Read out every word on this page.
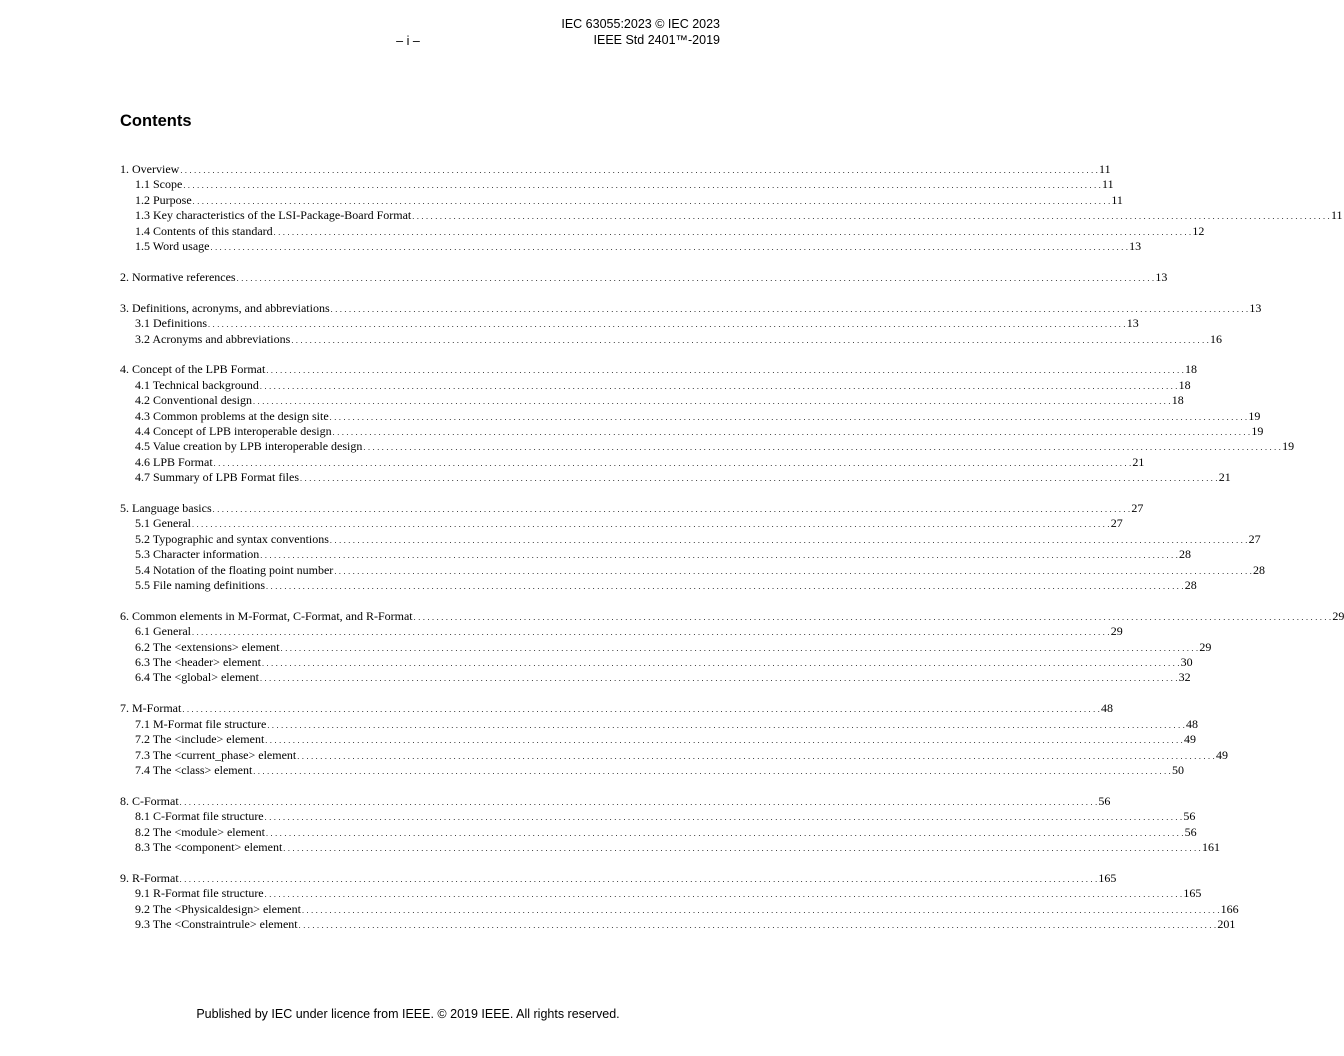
IEC 63055:2023 © IEC 2023
IEEE Std 2401™-2019
– i –
Contents
1. Overview . . . . . . . . . . . . . . . . . . . . . . . . . . . . . . . . . . . . . . . . . . . . . . . . . . . . . . . . . . . . . . . . . . . . . . . . . . . . . . . . . . . . . . . . . . . . . . . . . . . . . . . . . . . . . . . . . . . . . . . . . . . . . . . . . . . . . . . . . . . . . . . . . . . . . . . . . . . . . . . . . . . . . . . . . . . . . . . . . . . . . . . . . . . . . . . . . . . . . . . . 11
1.1 Scope . . . . . . . . . . . . . . . . . . . . . . . . . . . . . . . . . . . . . . . . . . . . . . . . . . . . . . . . . . . . . . . . . . . . . . . . . . . . . . . . . . . . . . . . . . . . . . . . . . . . . . . . . . . . . . . . . . . . . . . . . . . . . . . . . . . . . . . . . . . . . . . . . . . . . . . . . . . . . . . . . . . . . . . . . . . . . . . . . . . . . . . . . . . . . . . . . . . . . . . . 11
1.2 Purpose . . . . . . . . . . . . . . . . . . . . . . . . . . . . . . . . . . . . . . . . . . . . . . . . . . . . . . . . . . . . . . . . . . . . . . . . . . . . . . . . . . . . . . . . . . . . . . . . . . . . . . . . . . . . . . . . . . . . . . . . . . . . . . . . . . . . . . . . . . . . . . . . . . . . . . . . . . . . . . . . . . . . . . . . . . . . . . . . . . . . . . . . . . . . . . . . . . . . . . . . 11
1.3 Key characteristics of the LSI-Package-Board Format . . . . . . . . . . . . . . . . . . . . . . . . . . . . . . . . . . . . . . . . . . . . . . . . . . . . . . . . . . . . . . . . . . . . . . . . . . . . . . . . . . . . . . . . . . . . . . . . . . . . . . . . . . . . . . . . . . . . . . . . . . . . . . . . . . . . . . . . . . . . . . . . . . . . . . . . . . . . . . . . . . . . . . . . . . . . . . . . . . . . . . . . . . . . . . . . . . . . . . . . 11
1.4 Contents of this standard . . . . . . . . . . . . . . . . . . . . . . . . . . . . . . . . . . . . . . . . . . . . . . . . . . . . . . . . . . . . . . . . . . . . . . . . . . . . . . . . . . . . . . . . . . . . . . . . . . . . . . . . . . . . . . . . . . . . . . . . . . . . . . . . . . . . . . . . . . . . . . . . . . . . . . . . . . . . . . . . . . . . . . . . . . . . . . . . . . . . . . . . . . . . . . . . . . . . . . . . 12
1.5 Word usage . . . . . . . . . . . . . . . . . . . . . . . . . . . . . . . . . . . . . . . . . . . . . . . . . . . . . . . . . . . . . . . . . . . . . . . . . . . . . . . . . . . . . . . . . . . . . . . . . . . . . . . . . . . . . . . . . . . . . . . . . . . . . . . . . . . . . . . . . . . . . . . . . . . . . . . . . . . . . . . . . . . . . . . . . . . . . . . . . . . . . . . . . . . . . . . . . . . . . . . . 13
2. Normative references . . . . . . . . . . . . . . . . . . . . . . . . . . . . . . . . . . . . . . . . . . . . . . . . . . . . . . . . . . . . . . . . . . . . . . . . . . . . . . . . . . . . . . . . . . . . . . . . . . . . . . . . . . . . . . . . . . . . . . . . . . . . . . . . . . . . . . . . . . . . . . . . . . . . . . . . . . . . . . . . . . . . . . . . . . . . . . . . . . . . . . . . . . . . . . . . . . . . . . . . 13
3. Definitions, acronyms, and abbreviations . . . . . . . . . . . . . . . . . . . . . . . . . . . . . . . . . . . . . . . . . . . . . . . . . . . . . . . . . . . . . . . . . . . . . . . . . . . . . . . . . . . . . . . . . . . . . . . . . . . . . . . . . . . . . . . . . . . . . . . . . . . . . . . . . . . . . . . . . . . . . . . . . . . . . . . . . . . . . . . . . . . . . . . . . . . . . . . . . . . . . . . . . . . . . . . . . . . . . . . . 13
3.1 Definitions . . . . . . . . . . . . . . . . . . . . . . . . . . . . . . . . . . . . . . . . . . . . . . . . . . . . . . . . . . . . . . . . . . . . . . . . . . . . . . . . . . . . . . . . . . . . . . . . . . . . . . . . . . . . . . . . . . . . . . . . . . . . . . . . . . . . . . . . . . . . . . . . . . . . . . . . . . . . . . . . . . . . . . . . . . . . . . . . . . . . . . . . . . . . . . . . . . . . . . . . 13
3.2 Acronyms and abbreviations . . . . . . . . . . . . . . . . . . . . . . . . . . . . . . . . . . . . . . . . . . . . . . . . . . . . . . . . . . . . . . . . . . . . . . . . . . . . . . . . . . . . . . . . . . . . . . . . . . . . . . . . . . . . . . . . . . . . . . . . . . . . . . . . . . . . . . . . . . . . . . . . . . . . . . . . . . . . . . . . . . . . . . . . . . . . . . . . . . . . . . . . . . . . . . . . . . . . . . . . 16
4. Concept of the LPB Format . . . . . . . . . . . . . . . . . . . . . . . . . . . . . . . . . . . . . . . . . . . . . . . . . . . . . . . . . . . . . . . . . . . . . . . . . . . . . . . . . . . . . . . . . . . . . . . . . . . . . . . . . . . . . . . . . . . . . . . . . . . . . . . . . . . . . . . . . . . . . . . . . . . . . . . . . . . . . . . . . . . . . . . . . . . . . . . . . . . . . . . . . . . . . . . . . . . . . . . . 18
4.1 Technical background . . . . . . . . . . . . . . . . . . . . . . . . . . . . . . . . . . . . . . . . . . . . . . . . . . . . . . . . . . . . . . . . . . . . . . . . . . . . . . . . . . . . . . . . . . . . . . . . . . . . . . . . . . . . . . . . . . . . . . . . . . . . . . . . . . . . . . . . . . . . . . . . . . . . . . . . . . . . . . . . . . . . . . . . . . . . . . . . . . . . . . . . . . . . . . . . . . . . . . . . 18
4.2 Conventional design . . . . . . . . . . . . . . . . . . . . . . . . . . . . . . . . . . . . . . . . . . . . . . . . . . . . . . . . . . . . . . . . . . . . . . . . . . . . . . . . . . . . . . . . . . . . . . . . . . . . . . . . . . . . . . . . . . . . . . . . . . . . . . . . . . . . . . . . . . . . . . . . . . . . . . . . . . . . . . . . . . . . . . . . . . . . . . . . . . . . . . . . . . . . . . . . . . . . . . . . 18
4.3 Common problems at the design site . . . . . . . . . . . . . . . . . . . . . . . . . . . . . . . . . . . . . . . . . . . . . . . . . . . . . . . . . . . . . . . . . . . . . . . . . . . . . . . . . . . . . . . . . . . . . . . . . . . . . . . . . . . . . . . . . . . . . . . . . . . . . . . . . . . . . . . . . . . . . . . . . . . . . . . . . . . . . . . . . . . . . . . . . . . . . . . . . . . . . . . . . . . . . . . . . . . . . . . . 19
4.4 Concept of LPB interoperable design . . . . . . . . . . . . . . . . . . . . . . . . . . . . . . . . . . . . . . . . . . . . . . . . . . . . . . . . . . . . . . . . . . . . . . . . . . . . . . . . . . . . . . . . . . . . . . . . . . . . . . . . . . . . . . . . . . . . . . . . . . . . . . . . . . . . . . . . . . . . . . . . . . . . . . . . . . . . . . . . . . . . . . . . . . . . . . . . . . . . . . . . . . . . . . . . . . . . . . . . 19
4.5 Value creation by LPB interoperable design . . . . . . . . . . . . . . . . . . . . . . . . . . . . . . . . . . . . . . . . . . . . . . . . . . . . . . . . . . . . . . . . . . . . . . . . . . . . . . . . . . . . . . . . . . . . . . . . . . . . . . . . . . . . . . . . . . . . . . . . . . . . . . . . . . . . . . . . . . . . . . . . . . . . . . . . . . . . . . . . . . . . . . . . . . . . . . . . . . . . . . . . . . . . . . . . . . . . . . . . 19
4.6 LPB Format . . . . . . . . . . . . . . . . . . . . . . . . . . . . . . . . . . . . . . . . . . . . . . . . . . . . . . . . . . . . . . . . . . . . . . . . . . . . . . . . . . . . . . . . . . . . . . . . . . . . . . . . . . . . . . . . . . . . . . . . . . . . . . . . . . . . . . . . . . . . . . . . . . . . . . . . . . . . . . . . . . . . . . . . . . . . . . . . . . . . . . . . . . . . . . . . . . . . . . . . 21
4.7 Summary of LPB Format files . . . . . . . . . . . . . . . . . . . . . . . . . . . . . . . . . . . . . . . . . . . . . . . . . . . . . . . . . . . . . . . . . . . . . . . . . . . . . . . . . . . . . . . . . . . . . . . . . . . . . . . . . . . . . . . . . . . . . . . . . . . . . . . . . . . . . . . . . . . . . . . . . . . . . . . . . . . . . . . . . . . . . . . . . . . . . . . . . . . . . . . . . . . . . . . . . . . . . . . . 21
5. Language basics . . . . . . . . . . . . . . . . . . . . . . . . . . . . . . . . . . . . . . . . . . . . . . . . . . . . . . . . . . . . . . . . . . . . . . . . . . . . . . . . . . . . . . . . . . . . . . . . . . . . . . . . . . . . . . . . . . . . . . . . . . . . . . . . . . . . . . . . . . . . . . . . . . . . . . . . . . . . . . . . . . . . . . . . . . . . . . . . . . . . . . . . . . . . . . . . . . . . . . . . 27
5.1 General . . . . . . . . . . . . . . . . . . . . . . . . . . . . . . . . . . . . . . . . . . . . . . . . . . . . . . . . . . . . . . . . . . . . . . . . . . . . . . . . . . . . . . . . . . . . . . . . . . . . . . . . . . . . . . . . . . . . . . . . . . . . . . . . . . . . . . . . . . . . . . . . . . . . . . . . . . . . . . . . . . . . . . . . . . . . . . . . . . . . . . . . . . . . . . . . . . . . . . . . 27
5.2 Typographic and syntax conventions . . . . . . . . . . . . . . . . . . . . . . . . . . . . . . . . . . . . . . . . . . . . . . . . . . . . . . . . . . . . . . . . . . . . . . . . . . . . . . . . . . . . . . . . . . . . . . . . . . . . . . . . . . . . . . . . . . . . . . . . . . . . . . . . . . . . . . . . . . . . . . . . . . . . . . . . . . . . . . . . . . . . . . . . . . . . . . . . . . . . . . . . . . . . . . . . . . . . . . . . 27
5.3 Character information . . . . . . . . . . . . . . . . . . . . . . . . . . . . . . . . . . . . . . . . . . . . . . . . . . . . . . . . . . . . . . . . . . . . . . . . . . . . . . . . . . . . . . . . . . . . . . . . . . . . . . . . . . . . . . . . . . . . . . . . . . . . . . . . . . . . . . . . . . . . . . . . . . . . . . . . . . . . . . . . . . . . . . . . . . . . . . . . . . . . . . . . . . . . . . . . . . . . . . . . 28
5.4 Notation of the floating point number . . . . . . . . . . . . . . . . . . . . . . . . . . . . . . . . . . . . . . . . . . . . . . . . . . . . . . . . . . . . . . . . . . . . . . . . . . . . . . . . . . . . . . . . . . . . . . . . . . . . . . . . . . . . . . . . . . . . . . . . . . . . . . . . . . . . . . . . . . . . . . . . . . . . . . . . . . . . . . . . . . . . . . . . . . . . . . . . . . . . . . . . . . . . . . . . . . . . . . . . 28
5.5 File naming definitions . . . . . . . . . . . . . . . . . . . . . . . . . . . . . . . . . . . . . . . . . . . . . . . . . . . . . . . . . . . . . . . . . . . . . . . . . . . . . . . . . . . . . . . . . . . . . . . . . . . . . . . . . . . . . . . . . . . . . . . . . . . . . . . . . . . . . . . . . . . . . . . . . . . . . . . . . . . . . . . . . . . . . . . . . . . . . . . . . . . . . . . . . . . . . . . . . . . . . . . . 28
6. Common elements in M-Format, C-Format, and R-Format . . . . . . . . . . . . . . . . . . . . . . . . . . . . . . . . . . . . . . . . . . . . . . . . . . . . . . . . . . . . . . . . . . . . . . . . . . . . . . . . . . . . . . . . . . . . . . . . . . . . . . . . . . . . . . . . . . . . . . . . . . . . . . . . . . . . . . . . . . . . . . . . . . . . . . . . . . . . . . . . . . . . . . . . . . . . . . . . . . . . . . . . . . . . . . . . . . . . . . . . 29
6.1 General . . . . . . . . . . . . . . . . . . . . . . . . . . . . . . . . . . . . . . . . . . . . . . . . . . . . . . . . . . . . . . . . . . . . . . . . . . . . . . . . . . . . . . . . . . . . . . . . . . . . . . . . . . . . . . . . . . . . . . . . . . . . . . . . . . . . . . . . . . . . . . . . . . . . . . . . . . . . . . . . . . . . . . . . . . . . . . . . . . . . . . . . . . . . . . . . . . . . . . . . 29
6.2 The <extensions> element . . . . . . . . . . . . . . . . . . . . . . . . . . . . . . . . . . . . . . . . . . . . . . . . . . . . . . . . . . . . . . . . . . . . . . . . . . . . . . . . . . . . . . . . . . . . . . . . . . . . . . . . . . . . . . . . . . . . . . . . . . . . . . . . . . . . . . . . . . . . . . . . . . . . . . . . . . . . . . . . . . . . . . . . . . . . . . . . . . . . . . . . . . . . . . . . . . . . . . . . 29
6.3 The <header> element . . . . . . . . . . . . . . . . . . . . . . . . . . . . . . . . . . . . . . . . . . . . . . . . . . . . . . . . . . . . . . . . . . . . . . . . . . . . . . . . . . . . . . . . . . . . . . . . . . . . . . . . . . . . . . . . . . . . . . . . . . . . . . . . . . . . . . . . . . . . . . . . . . . . . . . . . . . . . . . . . . . . . . . . . . . . . . . . . . . . . . . . . . . . . . . . . . . . . . . . 30
6.4 The <global> element . . . . . . . . . . . . . . . . . . . . . . . . . . . . . . . . . . . . . . . . . . . . . . . . . . . . . . . . . . . . . . . . . . . . . . . . . . . . . . . . . . . . . . . . . . . . . . . . . . . . . . . . . . . . . . . . . . . . . . . . . . . . . . . . . . . . . . . . . . . . . . . . . . . . . . . . . . . . . . . . . . . . . . . . . . . . . . . . . . . . . . . . . . . . . . . . . . . . . . . . 32
7. M-Format . . . . . . . . . . . . . . . . . . . . . . . . . . . . . . . . . . . . . . . . . . . . . . . . . . . . . . . . . . . . . . . . . . . . . . . . . . . . . . . . . . . . . . . . . . . . . . . . . . . . . . . . . . . . . . . . . . . . . . . . . . . . . . . . . . . . . . . . . . . . . . . . . . . . . . . . . . . . . . . . . . . . . . . . . . . . . . . . . . . . . . . . . . . . . . . . . . . . . . . . 48
7.1 M-Format file structure . . . . . . . . . . . . . . . . . . . . . . . . . . . . . . . . . . . . . . . . . . . . . . . . . . . . . . . . . . . . . . . . . . . . . . . . . . . . . . . . . . . . . . . . . . . . . . . . . . . . . . . . . . . . . . . . . . . . . . . . . . . . . . . . . . . . . . . . . . . . . . . . . . . . . . . . . . . . . . . . . . . . . . . . . . . . . . . . . . . . . . . . . . . . . . . . . . . . . . . . 48
7.2 The <include> element . . . . . . . . . . . . . . . . . . . . . . . . . . . . . . . . . . . . . . . . . . . . . . . . . . . . . . . . . . . . . . . . . . . . . . . . . . . . . . . . . . . . . . . . . . . . . . . . . . . . . . . . . . . . . . . . . . . . . . . . . . . . . . . . . . . . . . . . . . . . . . . . . . . . . . . . . . . . . . . . . . . . . . . . . . . . . . . . . . . . . . . . . . . . . . . . . . . . . . . . 49
7.3 The <current_phase> element . . . . . . . . . . . . . . . . . . . . . . . . . . . . . . . . . . . . . . . . . . . . . . . . . . . . . . . . . . . . . . . . . . . . . . . . . . . . . . . . . . . . . . . . . . . . . . . . . . . . . . . . . . . . . . . . . . . . . . . . . . . . . . . . . . . . . . . . . . . . . . . . . . . . . . . . . . . . . . . . . . . . . . . . . . . . . . . . . . . . . . . . . . . . . . . . . . . . . . . . 49
7.4 The <class> element . . . . . . . . . . . . . . . . . . . . . . . . . . . . . . . . . . . . . . . . . . . . . . . . . . . . . . . . . . . . . . . . . . . . . . . . . . . . . . . . . . . . . . . . . . . . . . . . . . . . . . . . . . . . . . . . . . . . . . . . . . . . . . . . . . . . . . . . . . . . . . . . . . . . . . . . . . . . . . . . . . . . . . . . . . . . . . . . . . . . . . . . . . . . . . . . . . . . . . . . 50
8. C-Format . . . . . . . . . . . . . . . . . . . . . . . . . . . . . . . . . . . . . . . . . . . . . . . . . . . . . . . . . . . . . . . . . . . . . . . . . . . . . . . . . . . . . . . . . . . . . . . . . . . . . . . . . . . . . . . . . . . . . . . . . . . . . . . . . . . . . . . . . . . . . . . . . . . . . . . . . . . . . . . . . . . . . . . . . . . . . . . . . . . . . . . . . . . . . . . . . . . . . . . . 56
8.1 C-Format file structure . . . . . . . . . . . . . . . . . . . . . . . . . . . . . . . . . . . . . . . . . . . . . . . . . . . . . . . . . . . . . . . . . . . . . . . . . . . . . . . . . . . . . . . . . . . . . . . . . . . . . . . . . . . . . . . . . . . . . . . . . . . . . . . . . . . . . . . . . . . . . . . . . . . . . . . . . . . . . . . . . . . . . . . . . . . . . . . . . . . . . . . . . . . . . . . . . . . . . . . . 56
8.2 The <module> element . . . . . . . . . . . . . . . . . . . . . . . . . . . . . . . . . . . . . . . . . . . . . . . . . . . . . . . . . . . . . . . . . . . . . . . . . . . . . . . . . . . . . . . . . . . . . . . . . . . . . . . . . . . . . . . . . . . . . . . . . . . . . . . . . . . . . . . . . . . . . . . . . . . . . . . . . . . . . . . . . . . . . . . . . . . . . . . . . . . . . . . . . . . . . . . . . . . . . . . . 56
8.3 The <component> element . . . . . . . . . . . . . . . . . . . . . . . . . . . . . . . . . . . . . . . . . . . . . . . . . . . . . . . . . . . . . . . . . . . . . . . . . . . . . . . . . . . . . . . . . . . . . . . . . . . . . . . . . . . . . . . . . . . . . . . . . . . . . . . . . . . . . . . . . . . . . . . . . . . . . . . . . . . . . . . . . . . . . . . . . . . . . . . . . . . . . . . . . . . . . . . . . . . . . . . . 161
9. R-Format . . . . . . . . . . . . . . . . . . . . . . . . . . . . . . . . . . . . . . . . . . . . . . . . . . . . . . . . . . . . . . . . . . . . . . . . . . . . . . . . . . . . . . . . . . . . . . . . . . . . . . . . . . . . . . . . . . . . . . . . . . . . . . . . . . . . . . . . . . . . . . . . . . . . . . . . . . . . . . . . . . . . . . . . . . . . . . . . . . . . . . . . . . . . . . . . . . . . . . . . 165
9.1 R-Format file structure . . . . . . . . . . . . . . . . . . . . . . . . . . . . . . . . . . . . . . . . . . . . . . . . . . . . . . . . . . . . . . . . . . . . . . . . . . . . . . . . . . . . . . . . . . . . . . . . . . . . . . . . . . . . . . . . . . . . . . . . . . . . . . . . . . . . . . . . . . . . . . . . . . . . . . . . . . . . . . . . . . . . . . . . . . . . . . . . . . . . . . . . . . . . . . . . . . . . . . . . 165
9.2 The <Physicaldesign> element . . . . . . . . . . . . . . . . . . . . . . . . . . . . . . . . . . . . . . . . . . . . . . . . . . . . . . . . . . . . . . . . . . . . . . . . . . . . . . . . . . . . . . . . . . . . . . . . . . . . . . . . . . . . . . . . . . . . . . . . . . . . . . . . . . . . . . . . . . . . . . . . . . . . . . . . . . . . . . . . . . . . . . . . . . . . . . . . . . . . . . . . . . . . . . . . . . . . . . . . 166
9.3 The <Constraintrule> element . . . . . . . . . . . . . . . . . . . . . . . . . . . . . . . . . . . . . . . . . . . . . . . . . . . . . . . . . . . . . . . . . . . . . . . . . . . . . . . . . . . . . . . . . . . . . . . . . . . . . . . . . . . . . . . . . . . . . . . . . . . . . . . . . . . . . . . . . . . . . . . . . . . . . . . . . . . . . . . . . . . . . . . . . . . . . . . . . . . . . . . . . . . . . . . . . . . . . . . . 201
Published by IEC under licence from IEEE. © 2019 IEEE. All rights reserved.
